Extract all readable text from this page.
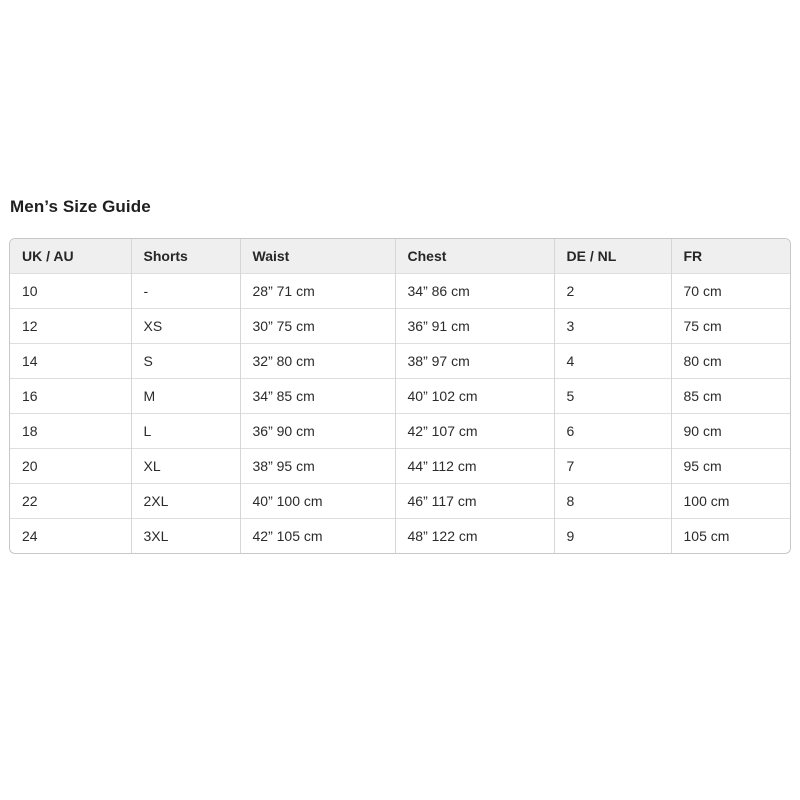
Men’s Size Guide
UK / AU	Shorts	Waist	Chest	DE / NL	FR
10	-	28” 71 cm	34” 86 cm	2	70 cm
12	XS	30” 75 cm	36” 91 cm	3	75 cm
14	S	32” 80 cm	38” 97 cm	4	80 cm
16	M	34” 85 cm	40” 102 cm	5	85 cm
18	L	36” 90 cm	42” 107 cm	6	90 cm
20	XL	38” 95 cm	44” 112 cm	7	95 cm
22	2XL	40” 100 cm	46” 117 cm	8	100 cm
24	3XL	42” 105 cm	48” 122 cm	9	105 cm
